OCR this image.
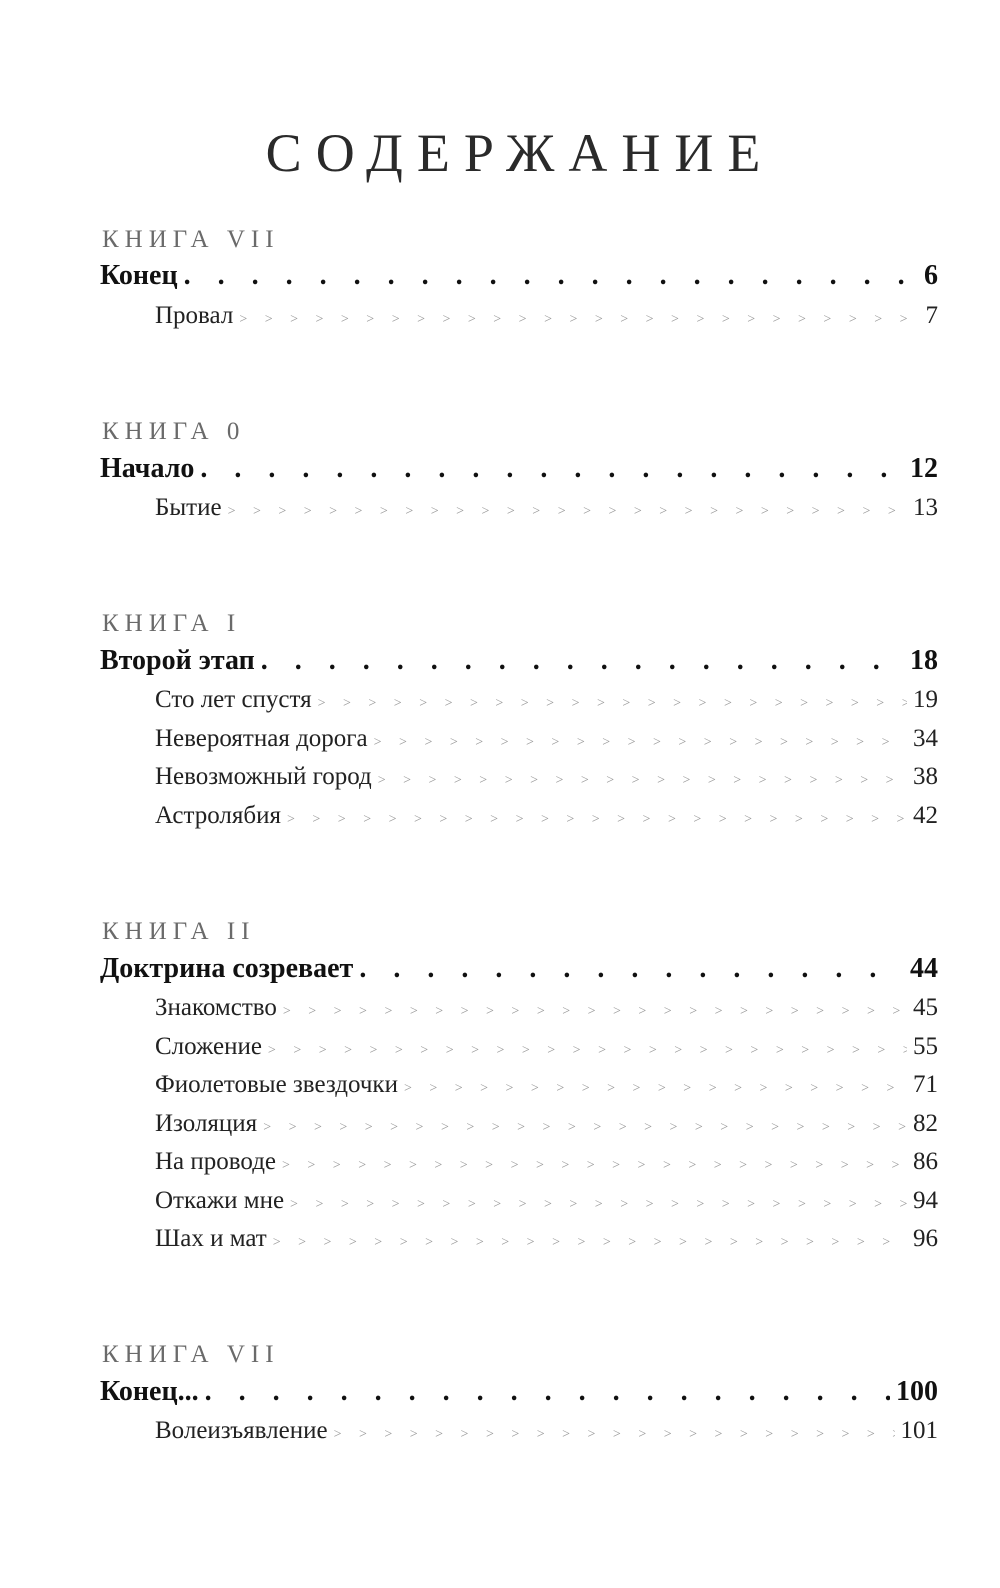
СОДЕРЖАНИЕ
КНИГА VII
Конец . . .	6
Провал > > > > > > > > > > > > > > > > > > > > > > > > > > > > > > > > > > > > > > > > > > > > > > > > > > > > > > > > > > > > > > > > > > > >	7
КНИГА 0
Начало . . .	12
Бытие > > > > > > > > > > > > > > > > > > > > > > > > > > > > > > > > > > > > > > > > > > > > > > > > > > > > > > > > > > > > > > > > > > > >	13
КНИГА I
Второй этап . . .	18
Сто лет спустя > > > > > > > > > > > > > > > > > > > > > > > > > > > > > > > > > > > > > > > > > > > > > > > > > > > > > > > > > > > > > > > > > > > >	19
Невероятная дорога > > > > > > > > > > > > > > > > > > > > > > > > > > > > > > > > > > > > > > > > > > > > > > > > > > > > > > > > > > > > > > > > > > > >	34
Невозможный город > > > > > > > > > > > > > > > > > > > > > > > > > > > > > > > > > > > > > > > > > > > > > > > > > > > > > > > > > > > > > > > > > > > >	38
Астролябия > > > > > > > > > > > > > > > > > > > > > > > > > > > > > > > > > > > > > > > > > > > > > > > > > > > > > > > > > > > > > > > > > > > >	42
КНИГА II
Доктрина созревает . . .	44
Знакомство > > > > > > > > > > > > > > > > > > > > > > > > > > > > > > > > > > > > > > > > > > > > > > > > > > > > > > > > > > > > > > > > > > > >	45
Сложение > > > > > > > > > > > > > > > > > > > > > > > > > > > > > > > > > > > > > > > > > > > > > > > > > > > > > > > > > > > > > > > > > > > >	55
Фиолетовые звездочки > > > > > > > > > > > > > > > > > > > > > > > > > > > > > > > > > > > > > > > > > > > > > > > > > > > > > > > > > > > > > > > > > > > >	71
Изоляция > > > > > > > > > > > > > > > > > > > > > > > > > > > > > > > > > > > > > > > > > > > > > > > > > > > > > > > > > > > > > > > > > > > >	82
На проводе > > > > > > > > > > > > > > > > > > > > > > > > > > > > > > > > > > > > > > > > > > > > > > > > > > > > > > > > > > > > > > > > > > > >	86
Откажи мне > > > > > > > > > > > > > > > > > > > > > > > > > > > > > > > > > > > > > > > > > > > > > > > > > > > > > > > > > > > > > > > > > > > >	94
Шах и мат > > > > > > > > > > > > > > > > > > > > > > > > > > > > > > > > > > > > > > > > > > > > > > > > > > > > > > > > > > > > > > > > > > > >	96
КНИГА VII
Конец... . . .	100
Волеизъявление > > > > > > > > > > > > > > > > > > > > > > > > > > > > > > > > > > > > > > > > > > > > > > > > > > > > > > > > > > > > > > > > > > > >	101
